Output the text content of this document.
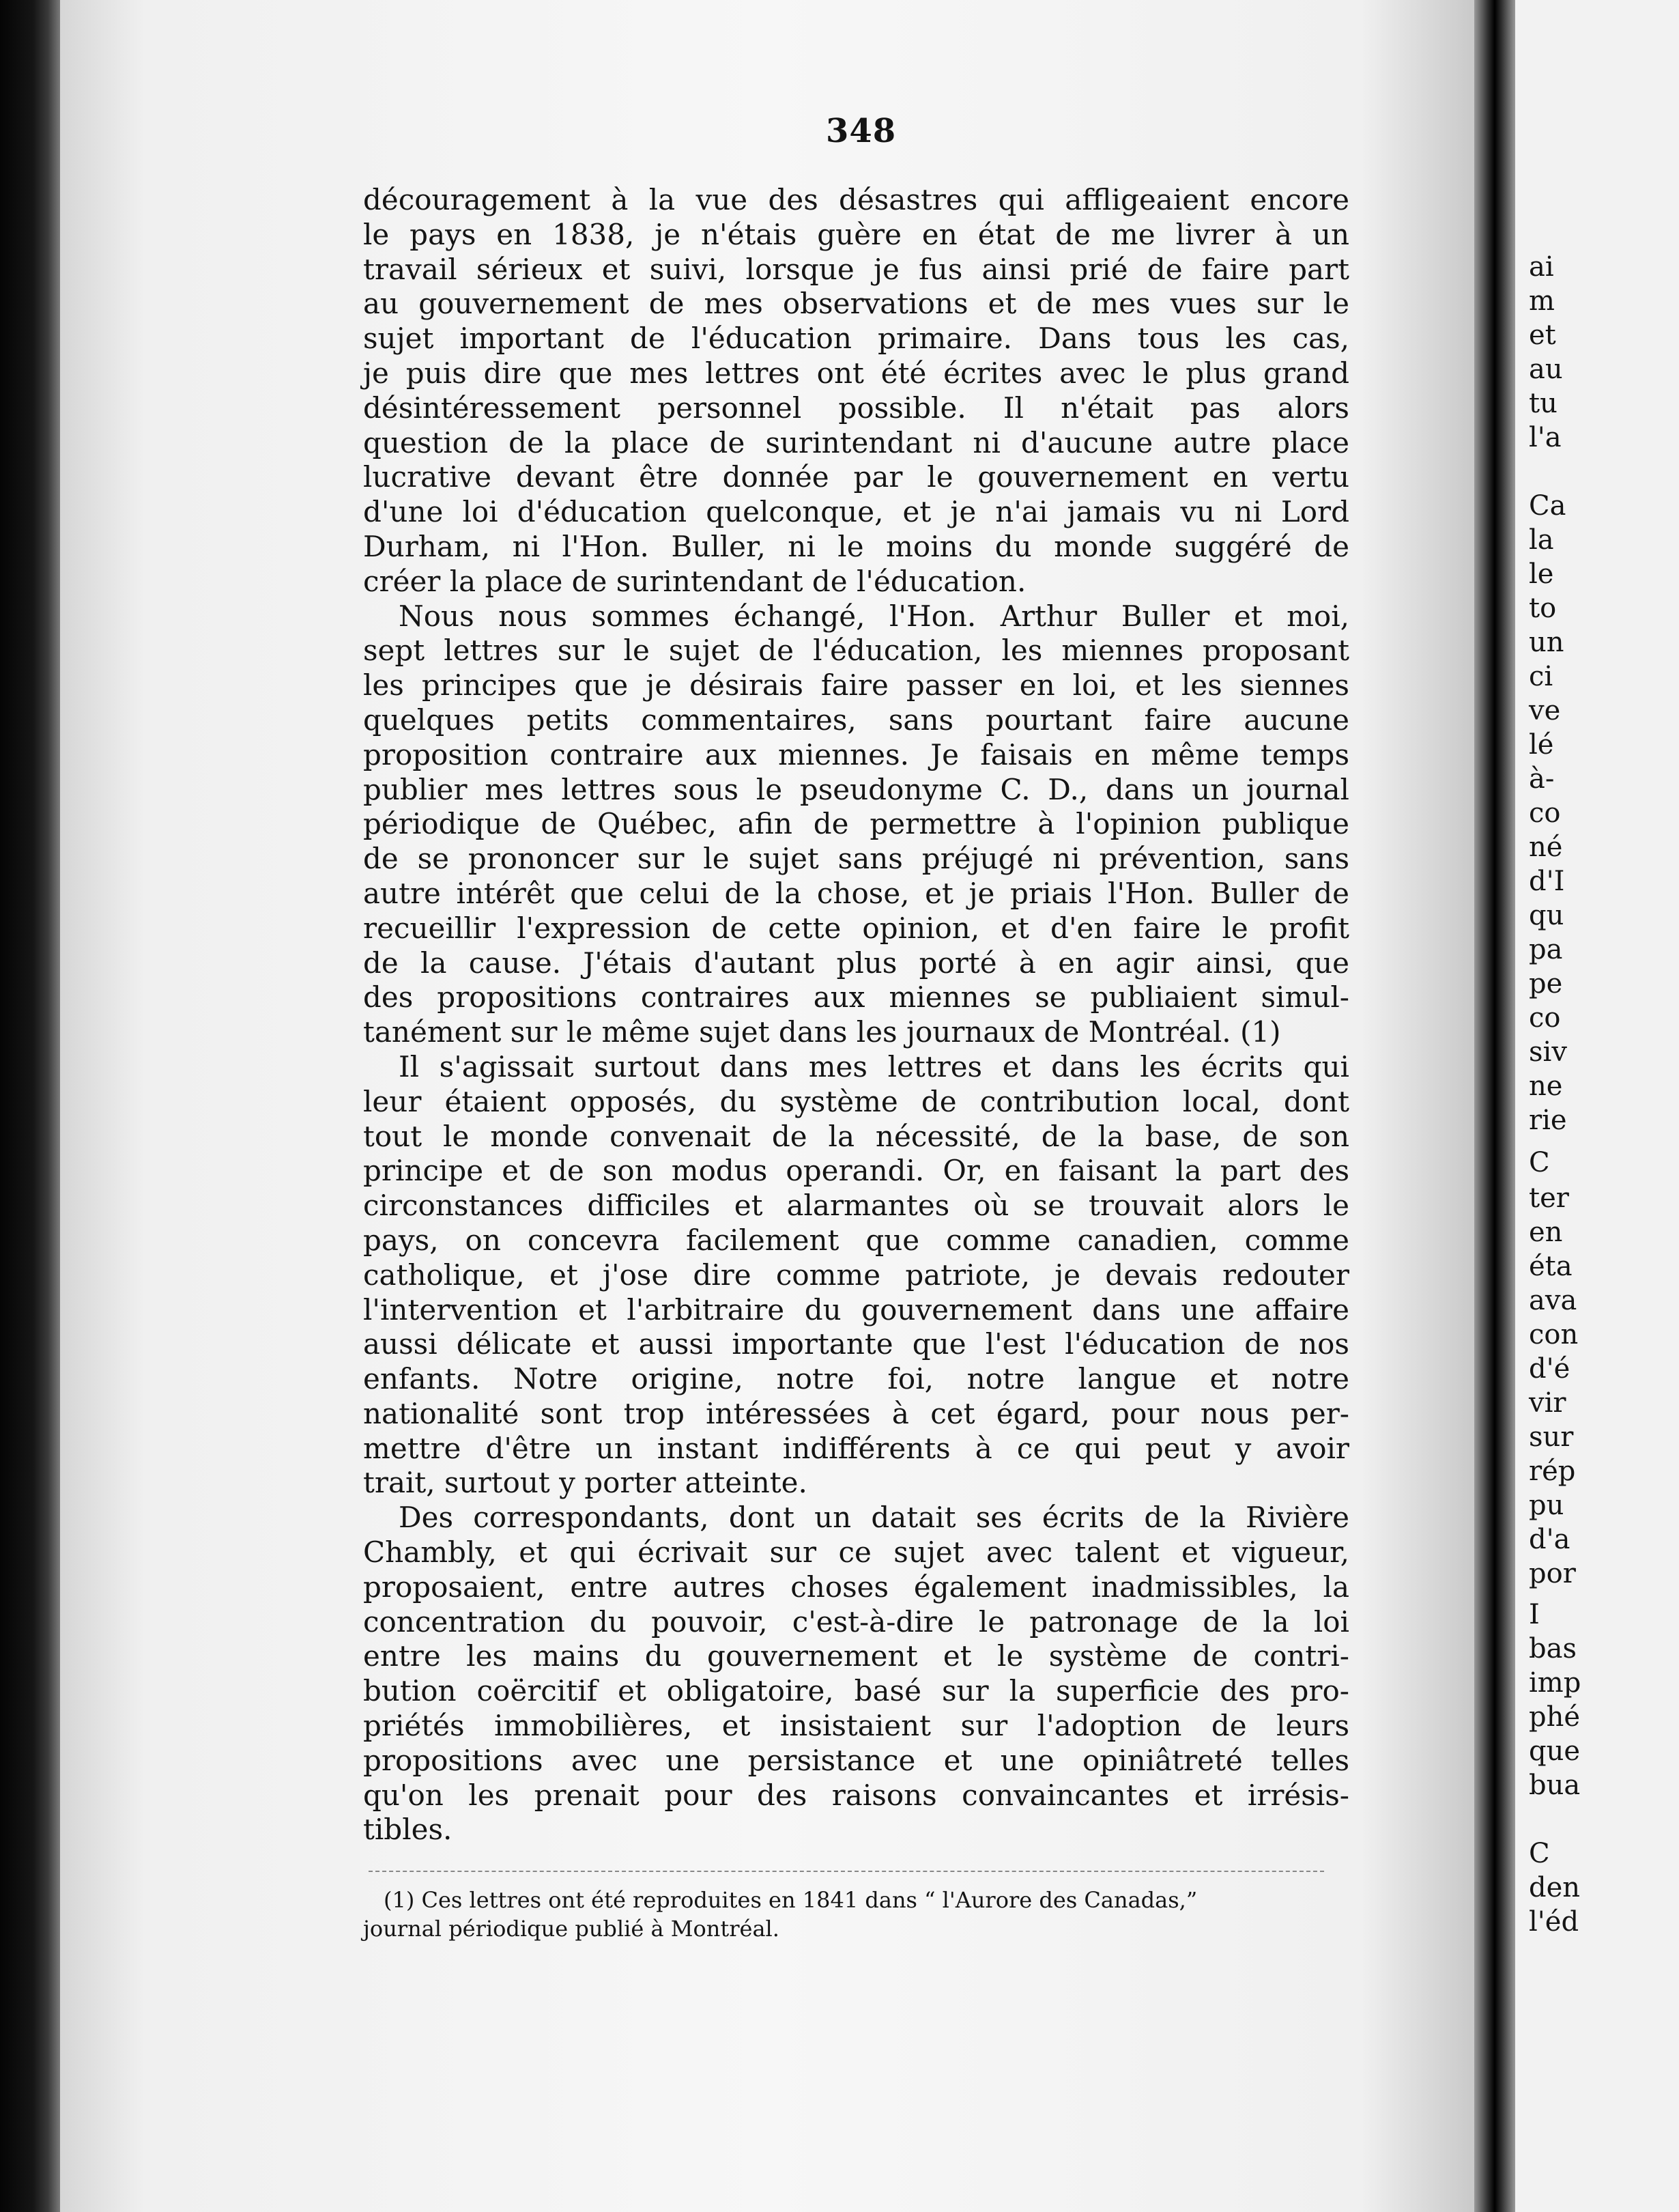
ai
m
et
au
tu
l'a
Ca
la
le
to
un
ci
ve
lé
à-
co
né
d'I
qu
pa
pe
co
siv
ne
rie
C
ter
en
éta
ava
con
d'é
vir
sur
rép
pu
d'a
por
I
bas
imp
phé
que
bua
C
den
l'éd
348
découragement à la vue des désastres qui affligeaient encore
le pays en 1838, je n'étais guère en état de me livrer à un
travail sérieux et suivi, lorsque je fus ainsi prié de faire part
au gouvernement de mes observations et de mes vues sur le
sujet important de l'éducation primaire. Dans tous les cas,
je puis dire que mes lettres ont été écrites avec le plus grand
désintéressement personnel possible. Il n'était pas alors
question de la place de surintendant ni d'aucune autre place
lucrative devant être donnée par le gouvernement en vertu
d'une loi d'éducation quelconque, et je n'ai jamais vu ni Lord
Durham, ni l'Hon. Buller, ni le moins du monde suggéré de
créer la place de surintendant de l'éducation.
Nous nous sommes échangé, l'Hon. Arthur Buller et moi,
sept lettres sur le sujet de l'éducation, les miennes proposant
les principes que je désirais faire passer en loi, et les siennes
quelques petits commentaires, sans pourtant faire aucune
proposition contraire aux miennes. Je faisais en même temps
publier mes lettres sous le pseudonyme C. D., dans un journal
périodique de Québec, afin de permettre à l'opinion publique
de se prononcer sur le sujet sans préjugé ni prévention, sans
autre intérêt que celui de la chose, et je priais l'Hon. Buller de
recueillir l'expression de cette opinion, et d'en faire le profit
de la cause. J'étais d'autant plus porté à en agir ainsi, que
des propositions contraires aux miennes se publiaient simul-
tanément sur le même sujet dans les journaux de Montréal. (1)
Il s'agissait surtout dans mes lettres et dans les écrits qui
leur étaient opposés, du système de contribution local, dont
tout le monde convenait de la nécessité, de la base, de son
principe et de son modus operandi. Or, en faisant la part des
circonstances difficiles et alarmantes où se trouvait alors le
pays, on concevra facilement que comme canadien, comme
catholique, et j'ose dire comme patriote, je devais redouter
l'intervention et l'arbitraire du gouvernement dans une affaire
aussi délicate et aussi importante que l'est l'éducation de nos
enfants. Notre origine, notre foi, notre langue et notre
nationalité sont trop intéressées à cet égard, pour nous per-
mettre d'être un instant indifférents à ce qui peut y avoir
trait, surtout y porter atteinte.
Des correspondants, dont un datait ses écrits de la Rivière
Chambly, et qui écrivait sur ce sujet avec talent et vigueur,
proposaient, entre autres choses également inadmissibles, la
concentration du pouvoir, c'est-à-dire le patronage de la loi
entre les mains du gouvernement et le système de contri-
bution coërcitif et obligatoire, basé sur la superficie des pro-
priétés immobilières, et insistaient sur l'adoption de leurs
propositions avec une persistance et une opiniâtreté telles
qu'on les prenait pour des raisons convaincantes et irrésis-
tibles.
(1) Ces lettres ont été reproduites en 1841 dans “ l'Aurore des Canadas,”
journal périodique publié à Montréal.
